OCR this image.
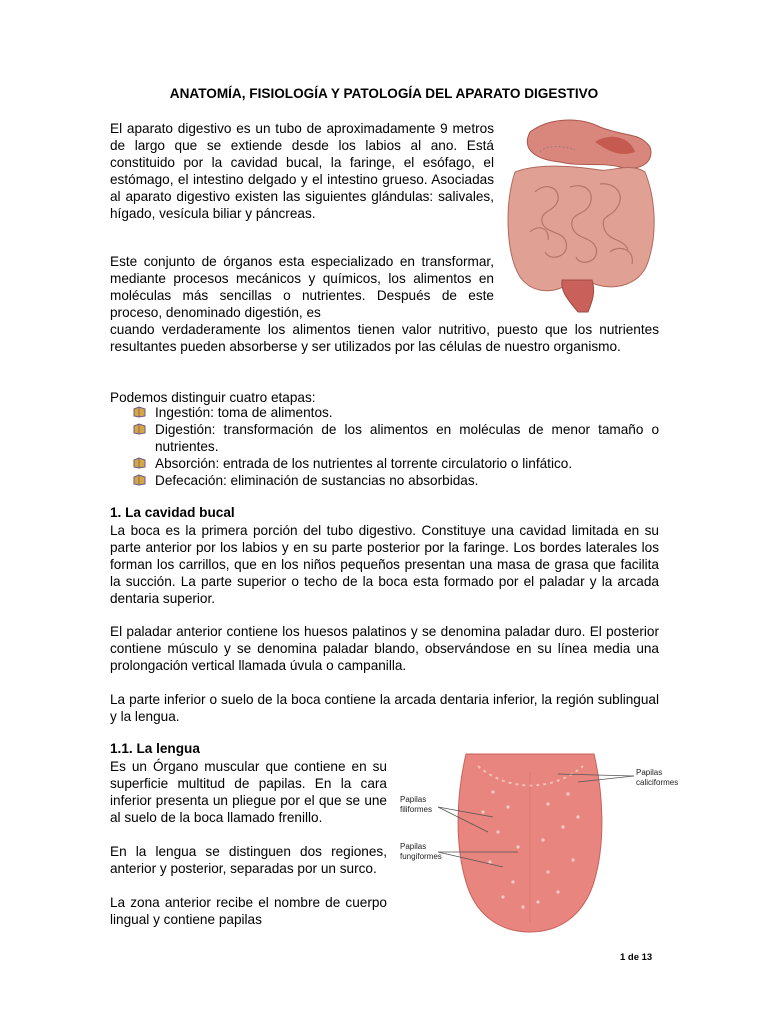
ANATOMÍA, FISIOLOGÍA Y PATOLOGÍA DEL APARATO DIGESTIVO

El aparato digestivo es un tubo de aproximadamente 9 metros de largo que se extiende desde los labios al ano. Está constituido por la cavidad bucal, la faringe, el esófago, el estómago, el intestino delgado y el intestino grueso. Asociadas al aparato digestivo existen las siguientes glándulas: salivales, hígado, vesícula biliar y páncreas.

Este conjunto de órganos esta especializado en transformar, mediante procesos mecánicos y químicos, los alimentos en moléculas más sencillas o nutrientes. Después de este proceso, denominado digestión, es

cuando verdaderamente los alimentos tienen valor nutritivo, puesto que los nutrientes resultantes pueden absorberse y ser utilizados por las células de nuestro organismo.

Podemos distinguir cuatro etapas:

Ingestión: toma de alimentos.
Digestión: transformación de los alimentos en moléculas de menor tamaño o nutrientes.
Absorción: entrada de los nutrientes al torrente circulatorio o linfático.
Defecación: eliminación de sustancias no absorbidas.
1. La cavidad bucal

La boca es la primera porción del tubo digestivo. Constituye una cavidad limitada en su parte anterior por los labios y en su parte posterior por la faringe. Los bordes laterales los forman los carrillos, que en los niños pequeños presentan una masa de grasa que facilita la succión. La parte superior o techo de la boca esta formado por el paladar y la arcada dentaria superior.

El paladar anterior contiene los huesos palatinos y se denomina paladar duro. El posterior contiene músculo y se denomina paladar blando, observándose en su línea media una prolongación vertical llamada úvula o campanilla.

La parte inferior o suelo de la boca contiene la arcada dentaria inferior, la región sublingual y la lengua.

1.1. La lengua

Es un Órgano muscular que contiene en su superficie multitud de papilas. En la cara inferior presenta un pliegue por el que se une al suelo de la boca llamado frenillo.

En la lengua se distinguen dos regiones, anterior y posterior, separadas por un surco.

La zona anterior recibe el nombre de cuerpo lingual y contiene papilas

Papilas
caliciformes
Papilas
filiformes
Papilas
fungiformes
1 de 13
